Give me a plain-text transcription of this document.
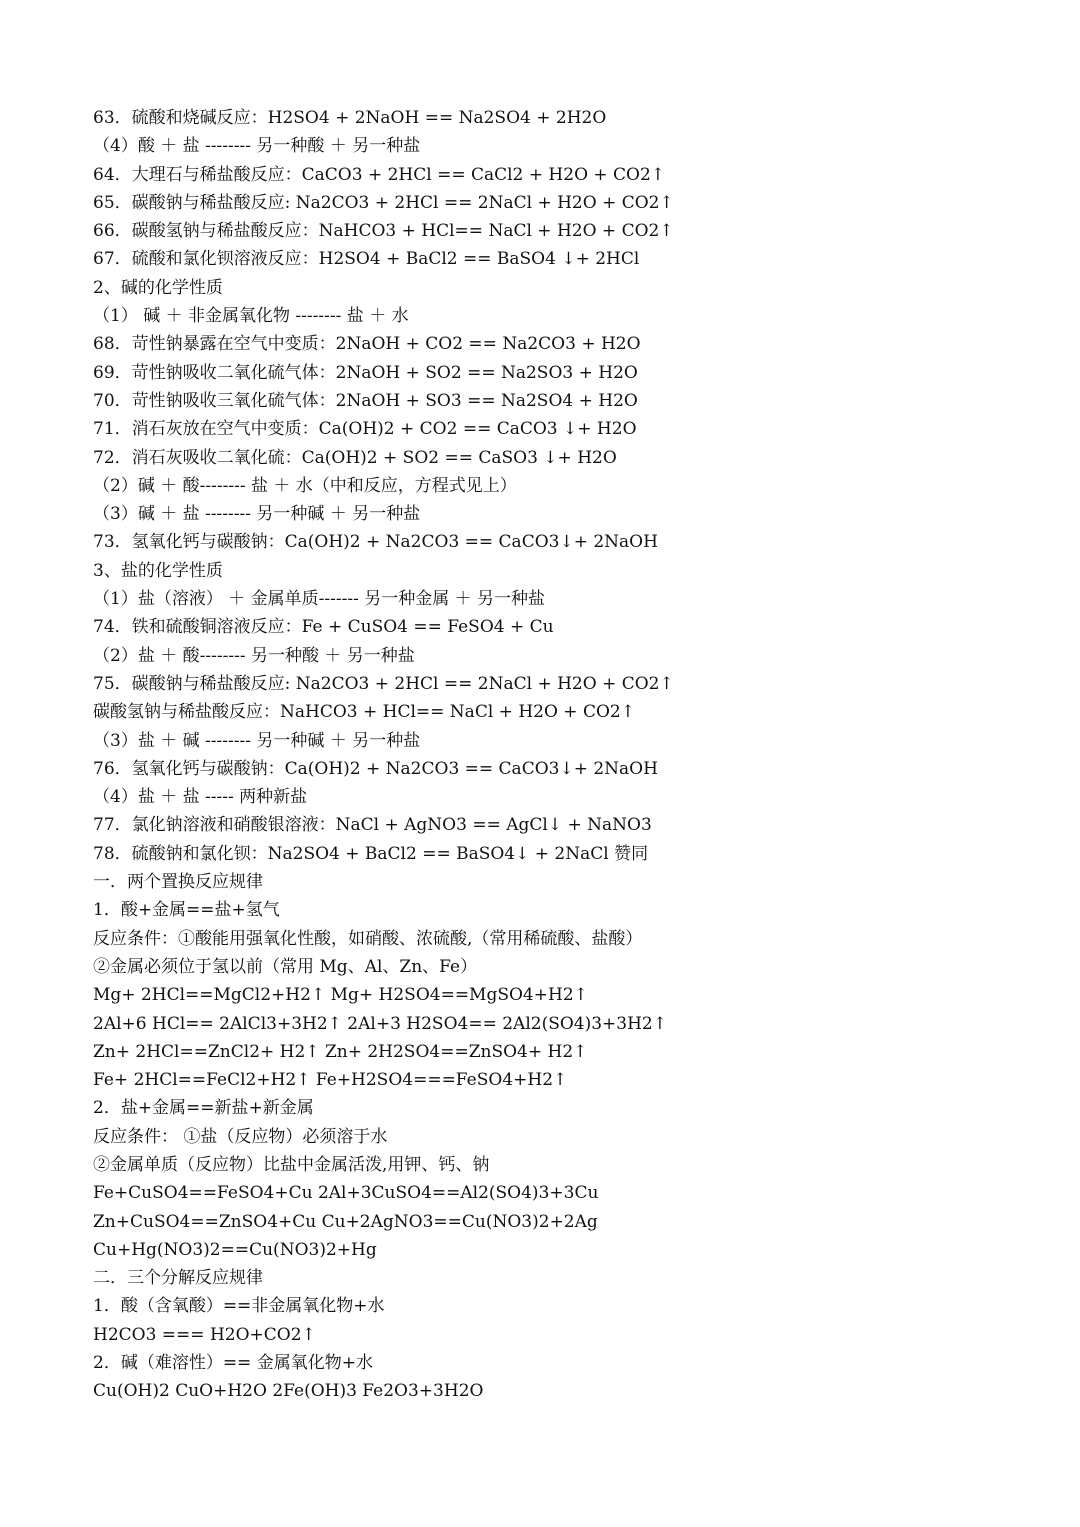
63．硫酸和烧碱反应：H2SO4 + 2NaOH == Na2SO4 + 2H2O
（4）酸 ＋ 盐 -------- 另一种酸 ＋ 另一种盐
64．大理石与稀盐酸反应：CaCO3 + 2HCl == CaCl2 + H2O + CO2↑
65．碳酸钠与稀盐酸反应: Na2CO3 + 2HCl == 2NaCl + H2O + CO2↑
66．碳酸氢钠与稀盐酸反应：NaHCO3 + HCl== NaCl + H2O + CO2↑
67．硫酸和氯化钡溶液反应：H2SO4 + BaCl2 == BaSO4 ↓+ 2HCl
2、碱的化学性质
（1） 碱 ＋ 非金属氧化物 -------- 盐 ＋ 水
68．苛性钠暴露在空气中变质：2NaOH + CO2 == Na2CO3 + H2O
69．苛性钠吸收二氧化硫气体：2NaOH + SO2 == Na2SO3 + H2O
70．苛性钠吸收三氧化硫气体：2NaOH + SO3 == Na2SO4 + H2O
71．消石灰放在空气中变质：Ca(OH)2 + CO2 == CaCO3 ↓+ H2O
72．消石灰吸收二氧化硫：Ca(OH)2 + SO2 == CaSO3 ↓+ H2O
（2）碱 ＋ 酸-------- 盐 ＋ 水（中和反应，方程式见上）
（3）碱 ＋ 盐 -------- 另一种碱 ＋ 另一种盐
73．氢氧化钙与碳酸钠：Ca(OH)2 + Na2CO3 == CaCO3↓+ 2NaOH
3、盐的化学性质
（1）盐（溶液） ＋ 金属单质------- 另一种金属 ＋ 另一种盐
74．铁和硫酸铜溶液反应：Fe + CuSO4 == FeSO4 + Cu
（2）盐 ＋ 酸-------- 另一种酸 ＋ 另一种盐
75．碳酸钠与稀盐酸反应: Na2CO3 + 2HCl == 2NaCl + H2O + CO2↑
碳酸氢钠与稀盐酸反应：NaHCO3 + HCl== NaCl + H2O + CO2↑
（3）盐 ＋ 碱 -------- 另一种碱 ＋ 另一种盐
76．氢氧化钙与碳酸钠：Ca(OH)2 + Na2CO3 == CaCO3↓+ 2NaOH
（4）盐 ＋ 盐 ----- 两种新盐
77．氯化钠溶液和硝酸银溶液：NaCl + AgNO3 == AgCl↓ + NaNO3
78．硫酸钠和氯化钡：Na2SO4 + BaCl2 == BaSO4↓ + 2NaCl 赞同
一．两个置换反应规律
1．酸+金属==盐+氢气
反应条件：①酸能用强氧化性酸，如硝酸、浓硫酸,（常用稀硫酸、盐酸）
②金属必须位于氢以前（常用 Mg、Al、Zn、Fe）
Mg+ 2HCl==MgCl2+H2↑ Mg+ H2SO4==MgSO4+H2↑
2Al+6 HCl== 2AlCl3+3H2↑ 2Al+3 H2SO4== 2Al2(SO4)3+3H2↑
Zn+ 2HCl==ZnCl2+ H2↑ Zn+ 2H2SO4==ZnSO4+ H2↑
Fe+ 2HCl==FeCl2+H2↑ Fe+H2SO4===FeSO4+H2↑
2．盐+金属==新盐+新金属
反应条件： ①盐（反应物）必须溶于水
②金属单质（反应物）比盐中金属活泼,用钾、钙、钠
Fe+CuSO4==FeSO4+Cu 2Al+3CuSO4==Al2(SO4)3+3Cu
Zn+CuSO4==ZnSO4+Cu Cu+2AgNO3==Cu(NO3)2+2Ag
Cu+Hg(NO3)2==Cu(NO3)2+Hg
二．三个分解反应规律
1．酸（含氧酸）==非金属氧化物+水
H2CO3 === H2O+CO2↑
2．碱（难溶性）== 金属氧化物+水
Cu(OH)2 CuO+H2O 2Fe(OH)3 Fe2O3+3H2O
